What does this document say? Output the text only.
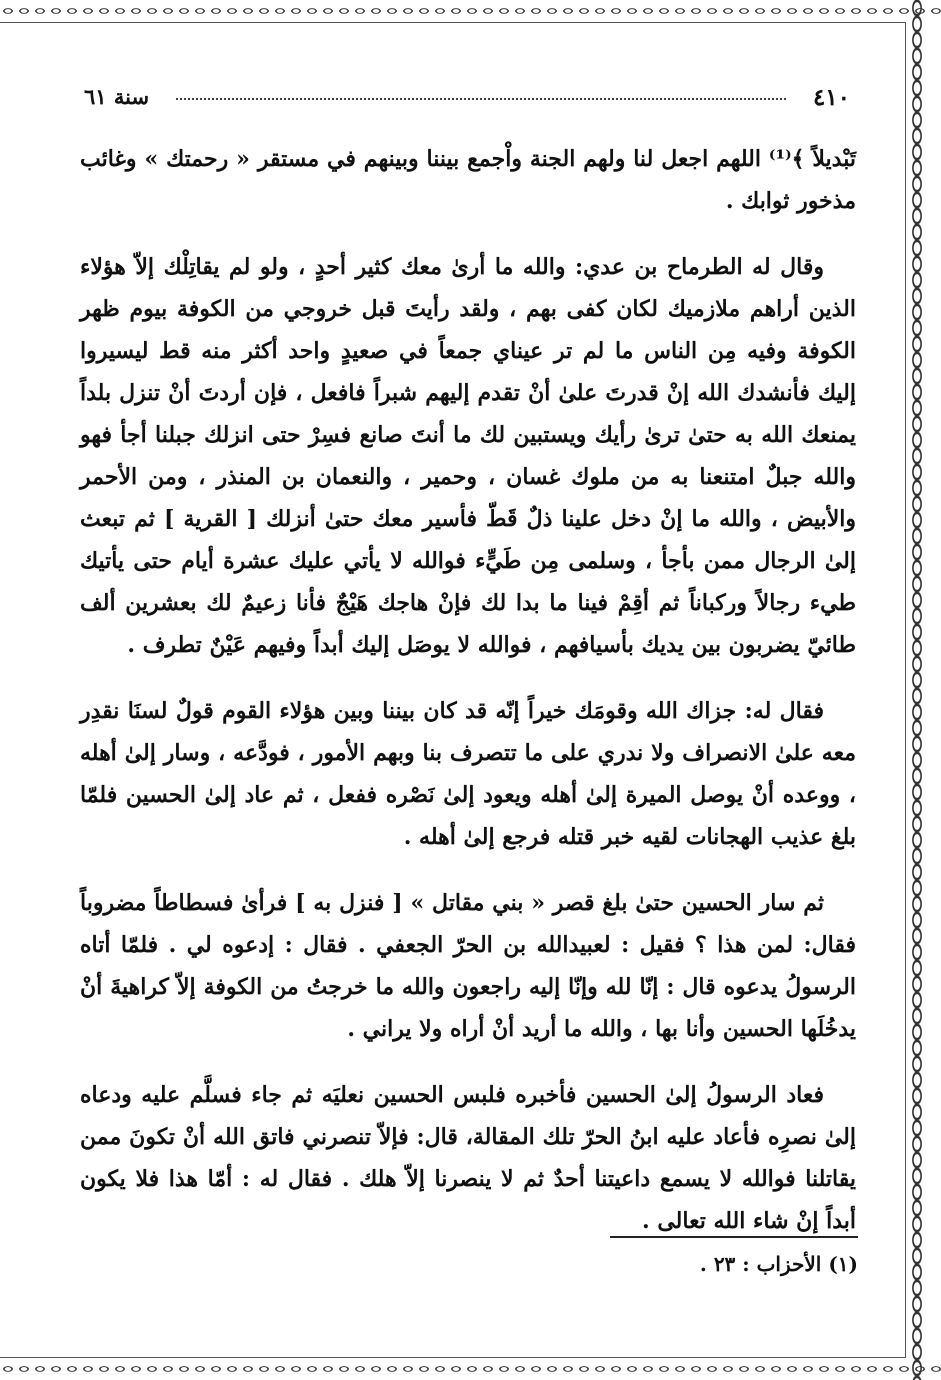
٤١٠
سنة ٦١

تَبْديلاً ﴾⁽¹⁾ اللهم اجعل لنا ولهم الجنة واْجمع بيننا وبينهم في مستقر « رحمتك » وغائب مذخور ثوابك .

وقال له الطرماح بن عدي: والله ما أرىٰ معك كثير أحدٍ ، ولو لم يقاتِلْك إلاّ هؤلاء الذين أراهم ملازميك لكان كفى بهم ، ولقد رأيتَ قبل خروجي من الكوفة بيوم ظهر الكوفة وفيه مِن الناس ما لم تر عيناي جمعاً في صعيدٍ واحد أكثر منه قط ليسيروا إليك فأنشدك الله إنْ قدرتَ علىٰ أنْ تقدم إليهم شبراً فافعل ، فإن أردتَ أنْ تنزل بلداً يمنعك الله به حتىٰ ترىٰ رأيك ويستبين لك ما أنتَ صانع فسِرْ حتى انزلك جبلنا أجأ فهو والله جبلٌ امتنعنا به من ملوك غسان ، وحمير ، والنعمان بن المنذر ، ومن الأحمر والأبيض ، والله ما إنْ دخل علينا ذلٌ قَطّ فأسير معك حتىٰ أنزلك [ القرية ] ثم تبعث إلىٰ الرجال ممن بأجأ ، وسلمى مِن طَيٍّء فوالله لا يأتي عليك عشرة أيام حتى يأتيك طيء رجالاً وركباناً ثم أقِمْ فينا ما بدا لك فإنْ هاجك هَيْجٌ فأنا زعيمٌ لك بعشرين ألف طائيّ يضربون بين يديك بأسيافهم ، فوالله لا يوصَل إليك أبداً وفيهم عَيْنٌ تطرف .

فقال له: جزاك الله وقومَك خيراً إنّه قد كان بيننا وبين هؤلاء القوم قولٌ لسنَا نقدِر معه علىٰ الانصراف ولا ندري على ما تتصرف بنا وبهم الأمور ، فودَّعه ، وسار إلىٰ أهله ، ووعده أنْ يوصل الميرة إلىٰ أهله ويعود إلىٰ نَصْره ففعل ، ثم عاد إلىٰ الحسين فلمّا بلغ عذيب الهجانات لقيه خبر قتله فرجع إلىٰ أهله .

ثم سار الحسين حتىٰ بلغ قصر « بني مقاتل » [ فنزل به ] فرأىٰ فسطاطاً مضروباً فقال: لمن هذا ؟ فقيل : لعبيدالله بن الحرّ الجعفي . فقال : إدعوه لي . فلمّا أتاه الرسولُ يدعوه قال : إنّا لله وإنّا إليه راجعون والله ما خرجتُ من الكوفة إلاّ كراهيةَ أنْ يدخُلَها الحسين وأنا بها ، والله ما أريد أنْ أراه ولا يراني .

فعاد الرسولُ إلىٰ الحسين فأخبره فلبس الحسين نعليَه ثم جاء فسلَّم عليه ودعاه إلىٰ نصرِه فأعاد عليه ابنُ الحرّ تلك المقالة، قال: فإلاّ تنصرني فاتق الله أنْ تكونَ ممن يقاتلنا فوالله لا يسمع داعيتنا أحدٌ ثم لا ينصرنا إلاّ هلك . فقال له : أمّا هذا فلا يكون أبداً إنْ شاء الله تعالى .

(١) الأحزاب : ٢٣ .
